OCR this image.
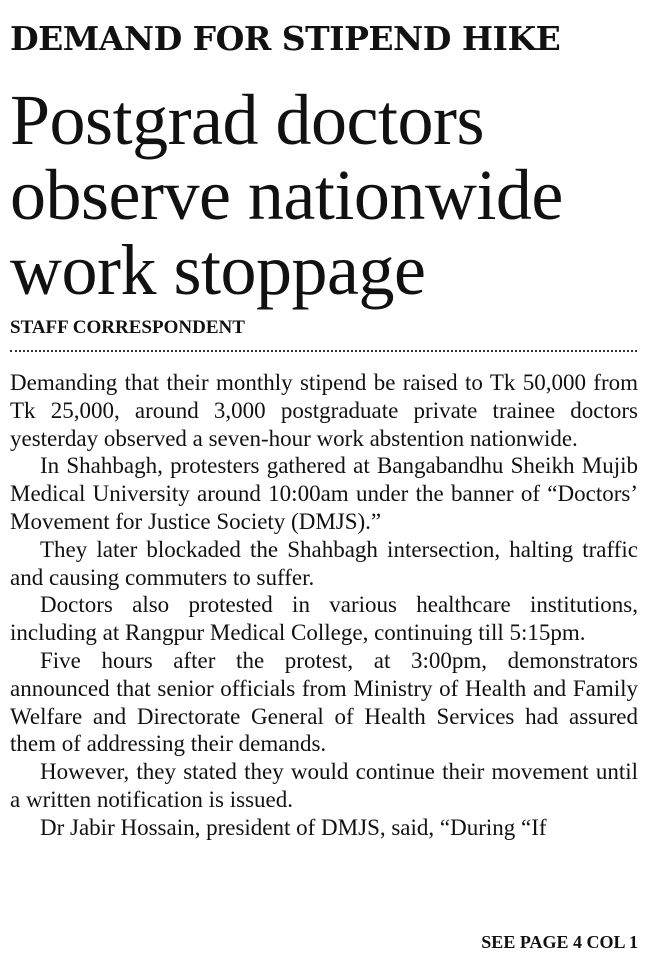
DEMAND FOR STIPEND HIKE
Postgrad doctors
observe nationwide
work stoppage
STAFF CORRESPONDENT

Demanding that their monthly stipend be raised to Tk 50,000 from Tk 25,000, around 3,000 postgraduate private trainee doctors yesterday observed a seven-hour work abstention nationwide.

In Shahbagh, protesters gathered at Bangabandhu Sheikh Mujib Medical University around 10:00am under the banner of “Doctors’ Movement for Justice Society (DMJS).”

They later blockaded the Shahbagh intersection, halting traffic and causing commuters to suffer.

Doctors also protested in various healthcare institutions, including at Rangpur Medical College, continuing till 5:15pm.

Five hours after the protest, at 3:00pm, demonstrators announced that senior officials from Ministry of Health and Family Welfare and Directorate General of Health Services had assured them of addressing their demands.

However, they stated they would continue their movement until a written notification is issued.

Dr Jabir Hossain, president of DMJS, said, “During “If

SEE PAGE 4 COL 1
